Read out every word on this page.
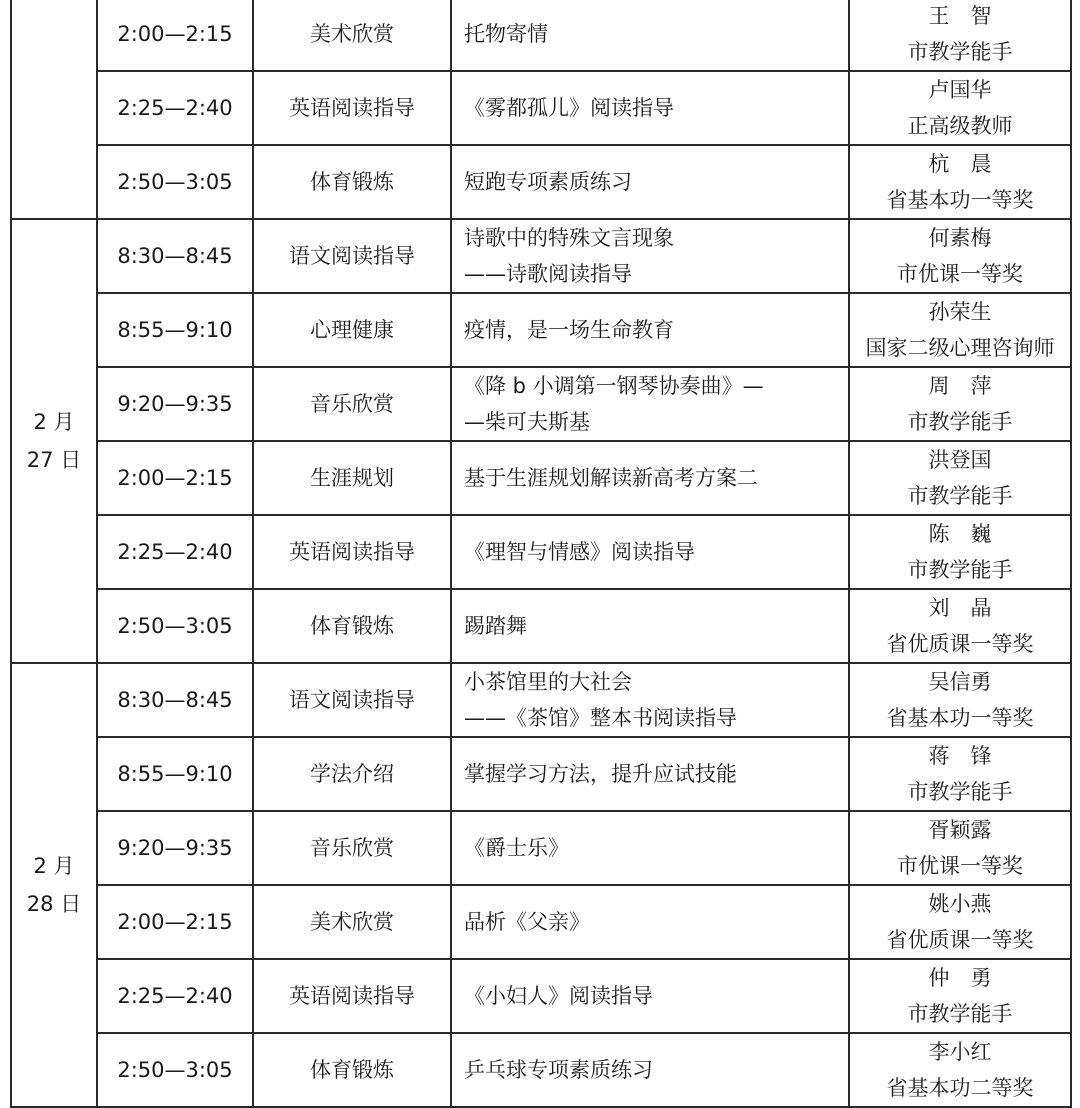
	2:00—2:15	美术欣赏	托物寄情	王　智
市教学能手

	2:25—2:40	英语阅读指导	《雾都孤儿》阅读指导	卢国华
正高级教师

	2:50—3:05	体育锻炼	短跑专项素质练习	杭　晨
省基本功一等奖

2 月
27 日	8:30—8:45	语文阅读指导	诗歌中的特殊文言现象
——诗歌阅读指导	何素梅
市优课一等奖

	8:55—9:10	心理健康	疫情，是一场生命教育	孙荣生
国家二级心理咨询师

	9:20—9:35	音乐欣赏	《降 b 小调第一钢琴协奏曲》—
—柴可夫斯基	周　萍
市教学能手

	2:00—2:15	生涯规划	基于生涯规划解读新高考方案二	洪登国
市教学能手

	2:25—2:40	英语阅读指导	《理智与情感》阅读指导	陈　巍
市教学能手

	2:50—3:05	体育锻炼	踢踏舞	刘　晶
省优质课一等奖

2 月
28 日	8:30—8:45	语文阅读指导	小茶馆里的大社会
——《茶馆》整本书阅读指导	吴信勇
省基本功一等奖

	8:55—9:10	学法介绍	掌握学习方法，提升应试技能	蒋　锋
市教学能手

	9:20—9:35	音乐欣赏	《爵士乐》	胥颖露
市优课一等奖

	2:00—2:15	美术欣赏	品析《父亲》	姚小燕
省优质课一等奖

	2:25—2:40	英语阅读指导	《小妇人》阅读指导	仲　勇
市教学能手

	2:50—3:05	体育锻炼	乒乓球专项素质练习	李小红
省基本功二等奖
